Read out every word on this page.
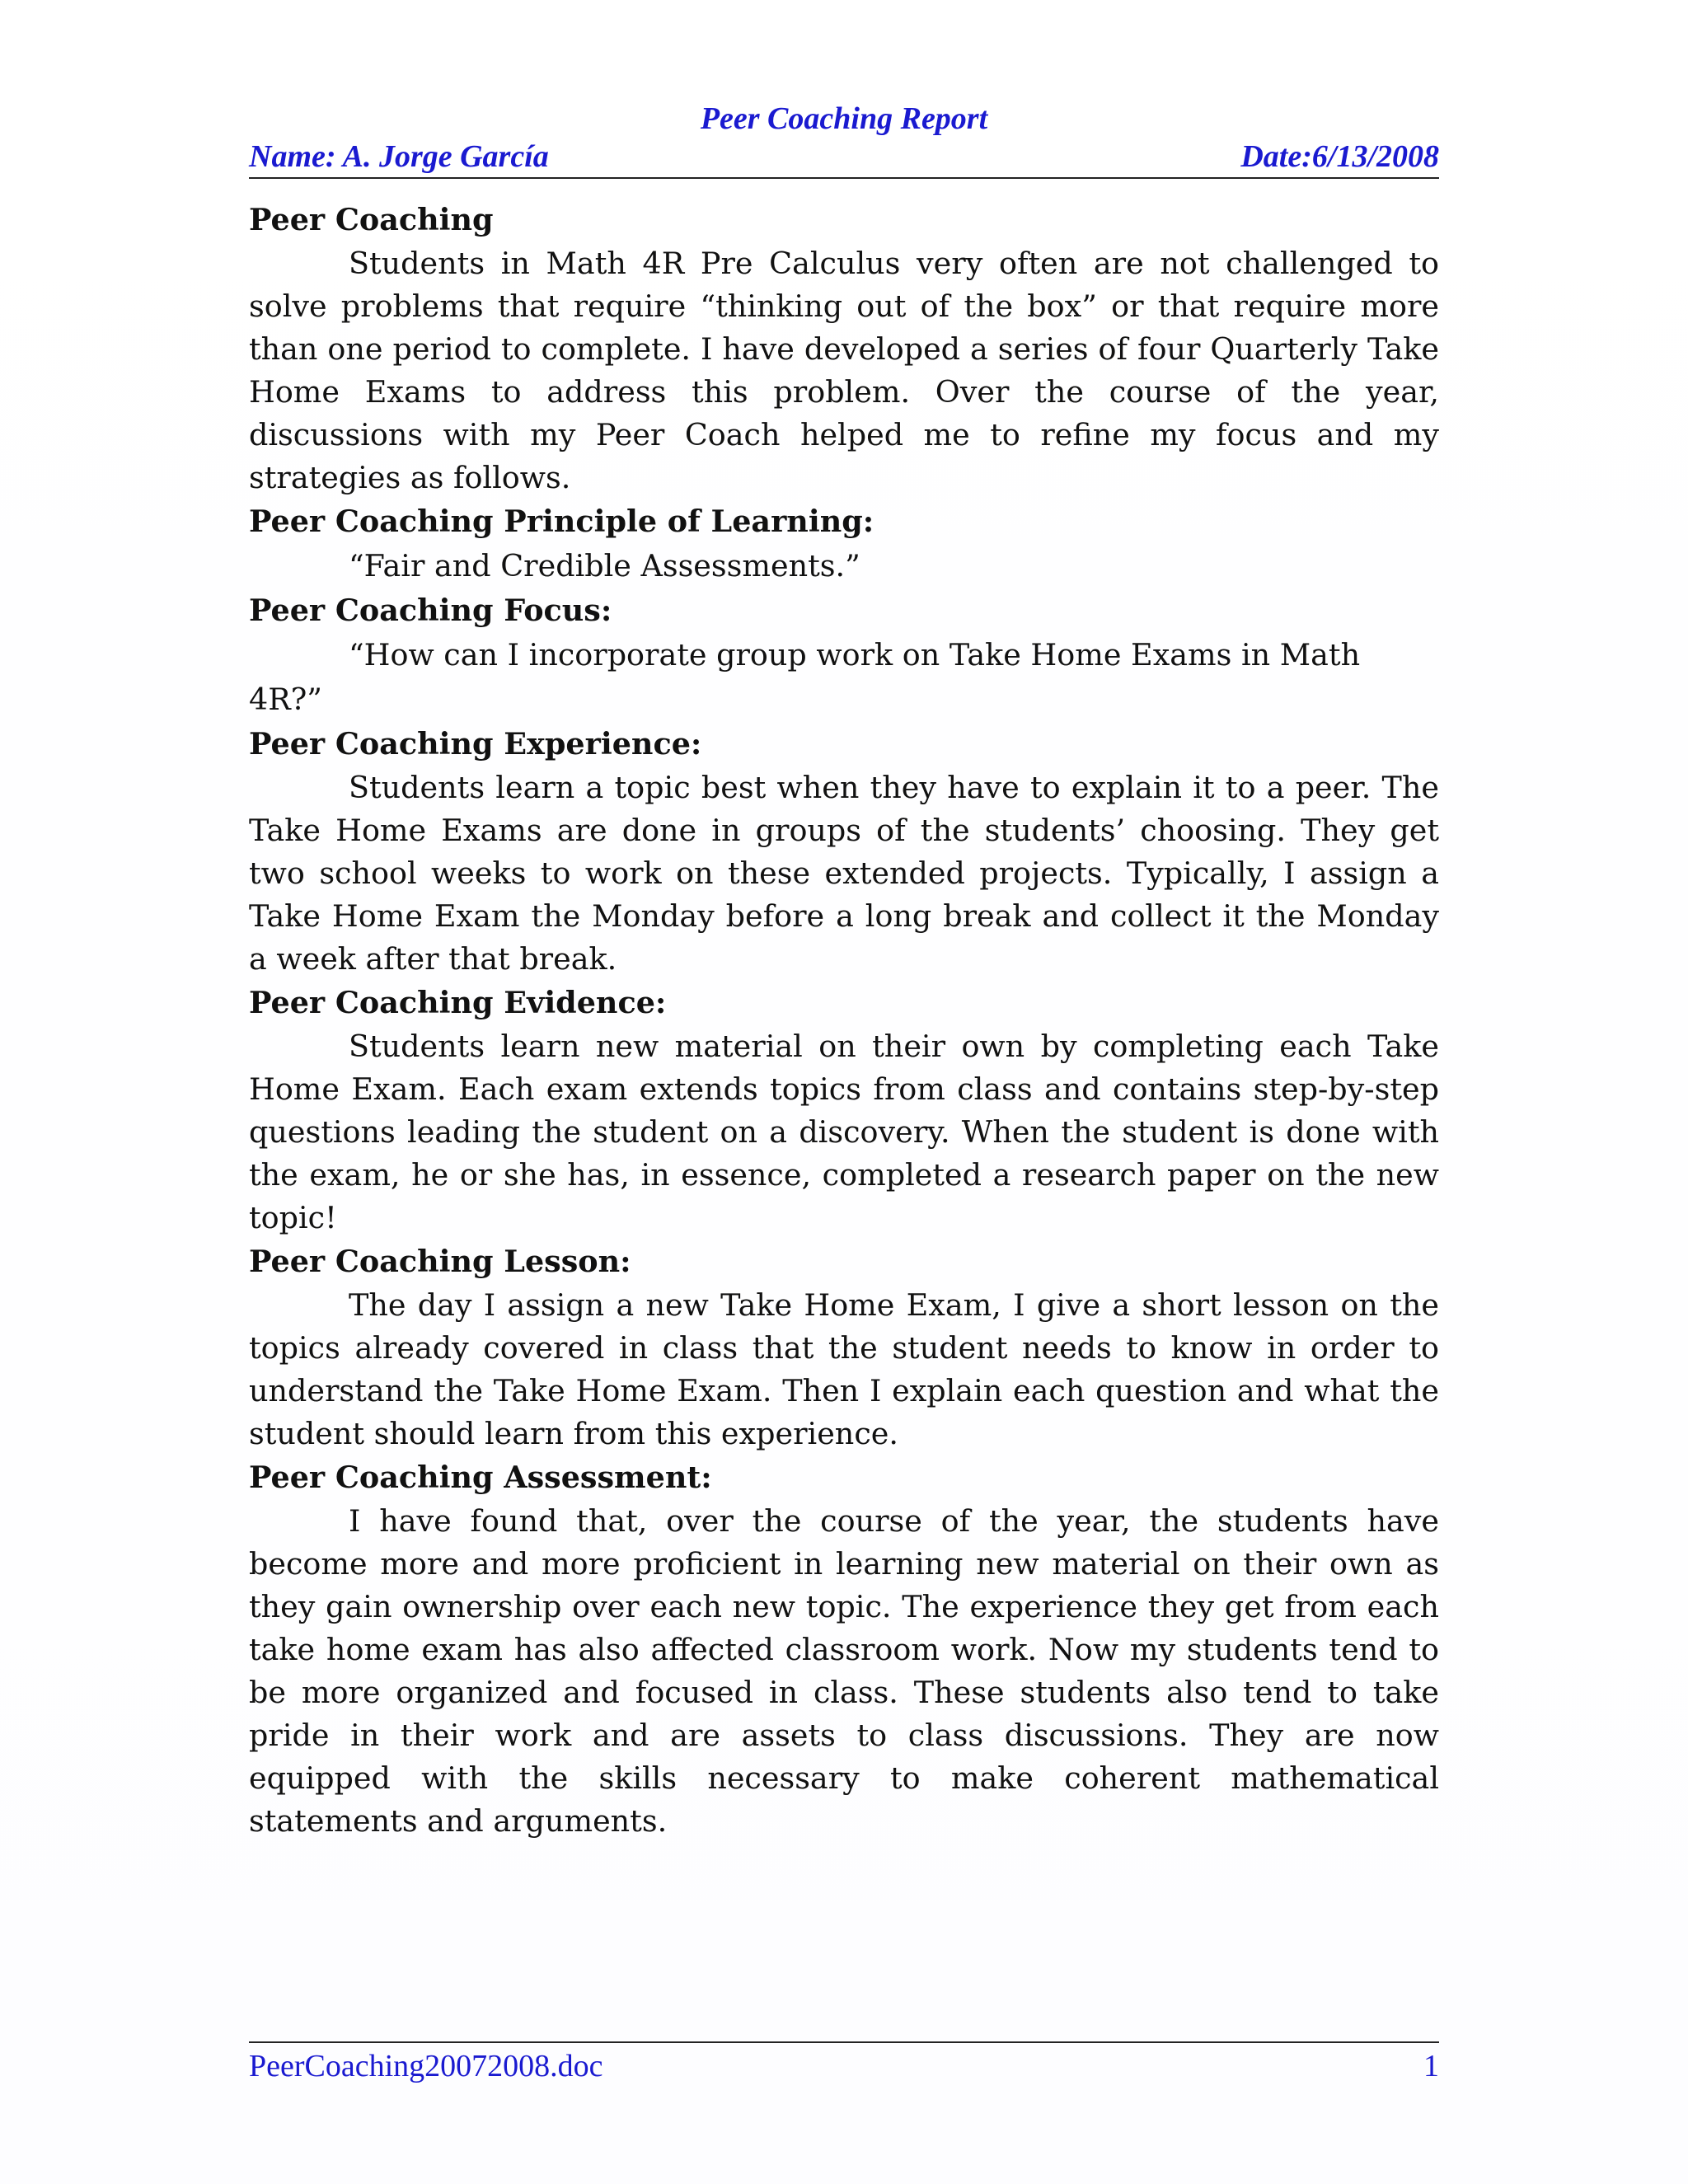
Peer Coaching Report
Name: A. Jorge García	Date:6/13/2008

Peer Coaching

Students in Math 4R Pre Calculus very often are not challenged to solve problems that require “thinking out of the box” or that require more than one period to complete. I have developed a series of four Quarterly Take Home Exams to address this problem. Over the course of the year, discussions with my Peer Coach helped me to refine my focus and my strategies as follows.

Peer Coaching Principle of Learning:

“Fair and Credible Assessments.”

Peer Coaching Focus:

“How can I incorporate group work on Take Home Exams in Math 4R?”

Peer Coaching Experience:

Students learn a topic best when they have to explain it to a peer. The Take Home Exams are done in groups of the students’ choosing. They get two school weeks to work on these extended projects. Typically, I assign a Take Home Exam the Monday before a long break and collect it the Monday a week after that break.

Peer Coaching Evidence:

Students learn new material on their own by completing each Take Home Exam. Each exam extends topics from class and contains step-by-step questions leading the student on a discovery. When the student is done with the exam, he or she has, in essence, completed a research paper on the new topic!

Peer Coaching Lesson:

The day I assign a new Take Home Exam, I give a short lesson on the topics already covered in class that the student needs to know in order to understand the Take Home Exam. Then I explain each question and what the student should learn from this experience.

Peer Coaching Assessment:

I have found that, over the course of the year, the students have become more and more proficient in learning new material on their own as they gain ownership over each new topic. The experience they get from each take home exam has also affected classroom work. Now my students tend to be more organized and focused in class. These students also tend to take pride in their work and are assets to class discussions. They are now equipped with the skills necessary to make coherent mathematical statements and arguments.

PeerCoaching20072008.doc	1
